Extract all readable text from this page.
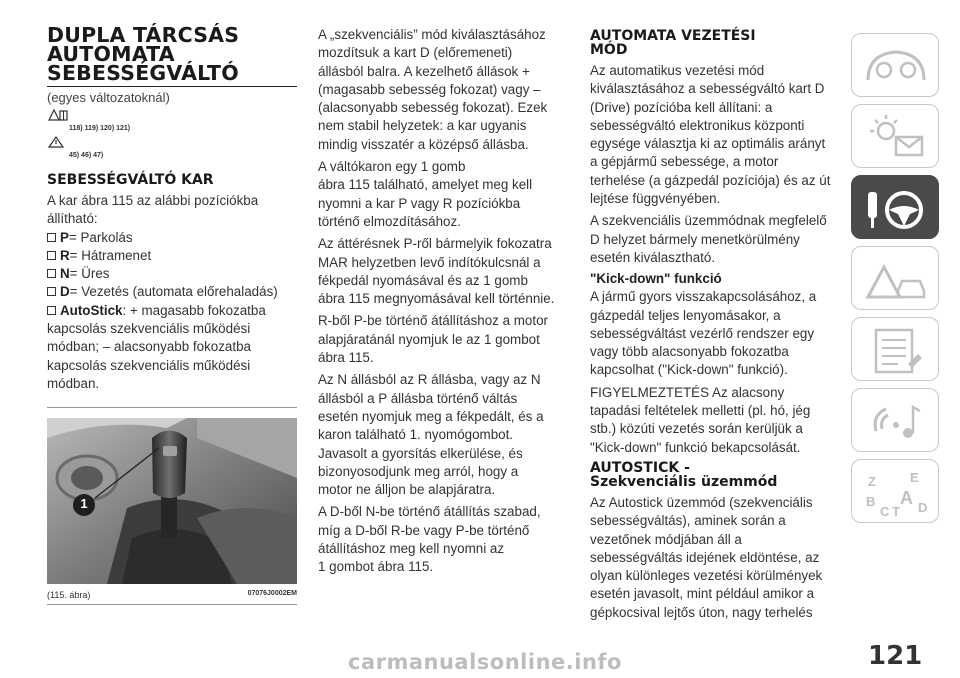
DUPLA TÁRCSÁS
AUTOMATA
SEBESSÉGVÁLTÓ
(egyes változatoknál)
118) 119) 120) 121)
45) 46) 47)
SEBESSÉGVÁLTÓ KAR

A kar ábra 115 az alábbi pozíciókba
állítható:

P= Parkolás
R= Hátramenet
N= Üres
D= Vezetés (automata előrehaladás)
AutoStick: + magasabb fokozatba

kapcsolás szekvenciális működési
módban; – alacsonyabb fokozatba
kapcsolás szekvenciális működési
módban.

1
(115. ábra)	07076J0002EM

A „szekvenciális” mód kiválasztásához
mozdítsuk a kart D (előremeneti)
állásból balra. A kezelhető állások +
(magasabb sebesség fokozat) vagy –
(alacsonyabb sebesség fokozat). Ezek
nem stabil helyzetek: a kar ugyanis
mindig visszatér a középső állásba.

A váltókaron egy 1 gomb
ábra 115 található, amelyet meg kell
nyomni a kar P vagy R pozíciókba
történő elmozdításához.

Az áttérésnek P-ről bármelyik fokozatra
MAR helyzetben levő indítókulcsnál a
fékpedál nyomásával és az 1 gomb
ábra 115 megnyomásával kell történnie.

R-ből P-be történő átállításhoz a motor
alapjáratánál nyomjuk le az 1 gombot
ábra 115.

Az N állásból az R állásba, vagy az N
állásból a P állásba történő váltás
esetén nyomjuk meg a fékpedált, és a
karon található 1. nyomógombot.
Javasolt a gyorsítás elkerülése, és
bizonyosodjunk meg arról, hogy a
motor ne álljon be alapjáratra.

A D-ből N-be történő átállítás szabad,
míg a D-ből R-be vagy P-be történő
átállításhoz meg kell nyomni az
1 gombot ábra 115.

AUTOMATA VEZETÉSI
MÓD

Az automatikus vezetési mód
kiválasztásához a sebességváltó kart D
(Drive) pozícióba kell állítani: a
sebességváltó elektronikus központi
egysége választja ki az optimális arányt
a gépjármű sebessége, a motor
terhelése (a gázpedál pozíciója) és az út
lejtése függvényében.

A szekvenciális üzemmódnak megfelelő
D helyzet bármely menetkörülmény
esetén kiválasztható.

"Kick-down" funkció

A jármű gyors visszakapcsolásához, a
gázpedál teljes lenyomásakor, a
sebességváltást vezérlő rendszer egy
vagy több alacsonyabb fokozatba
kapcsolhat ("Kick-down" funkció).

FIGYELMEZTETÉS Az alacsony
tapadási feltételek melletti (pl. hó, jég
stb.) közúti vezetés során kerüljük a
"Kick-down" funkció bekapcsolását.

AUTOSTICK -
Szekvenciális üzemmód

Az Autostick üzemmód (szekvenciális
sebességváltás), aminek során a
vezetőnek módjában áll a
sebességváltás idejének eldöntése, az
olyan különleges vezetési körülmények
esetén javasolt, mint például amikor a
gépkocsival lejtős úton, nagy terhelés

Z	E
B A
C T D
carmanualsonline.info	121
